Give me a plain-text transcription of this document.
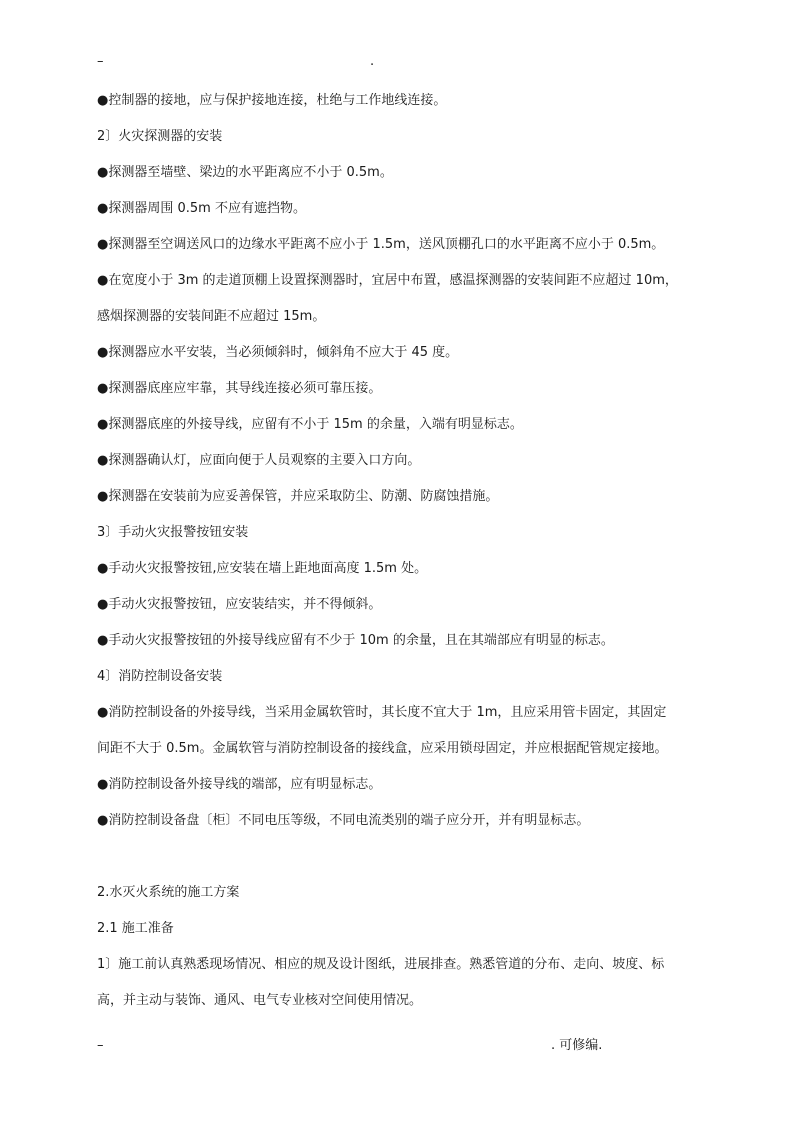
–	.
●控制器的接地，应与保护接地连接，杜绝与工作地线连接。
2〕火灾探测器的安装
●探测器至墙壁、梁边的水平距离应不小于 0.5m。
●探测器周围 0.5m 不应有遮挡物。
●探测器至空调送风口的边缘水平距离不应小于 1.5m，送风顶棚孔口的水平距离不应小于 0.5m。
●在宽度小于 3m 的走道顶棚上设置探测器时，宜居中布置，感温探测器的安装间距不应超过 10m，
感烟探测器的安装间距不应超过 15m。
●探测器应水平安装，当必须倾斜时，倾斜角不应大于 45 度。
●探测器底座应牢靠，其导线连接必须可靠压接。
●探测器底座的外接导线，应留有不小于 15m 的余量，入端有明显标志。
●探测器确认灯，应面向便于人员观察的主要入口方向。
●探测器在安装前为应妥善保管，并应采取防尘、防潮、防腐蚀措施。
3〕手动火灾报警按钮安装
●手动火灾报警按钮,应安装在墙上距地面高度 1.5m 处。
●手动火灾报警按钮，应安装结实，并不得倾斜。
●手动火灾报警按钮的外接导线应留有不少于 10m 的余量，且在其端部应有明显的标志。
4〕消防控制设备安装
●消防控制设备的外接导线，当采用金属软管时，其长度不宜大于 1m，且应采用管卡固定，其固定
间距不大于 0.5m。金属软管与消防控制设备的接线盒，应采用锁母固定，并应根据配管规定接地。
●消防控制设备外接导线的端部，应有明显标志。
●消防控制设备盘〔柜〕不同电压等级，不同电流类别的端子应分开，并有明显标志。
2.水灭火系统的施工方案
2.1 施工准备
1〕施工前认真熟悉现场情况、相应的规及设计图纸，进展排查。熟悉管道的分布、走向、坡度、标
高，并主动与装饰、通风、电气专业核对空间使用情况。
–	. 可修编.
